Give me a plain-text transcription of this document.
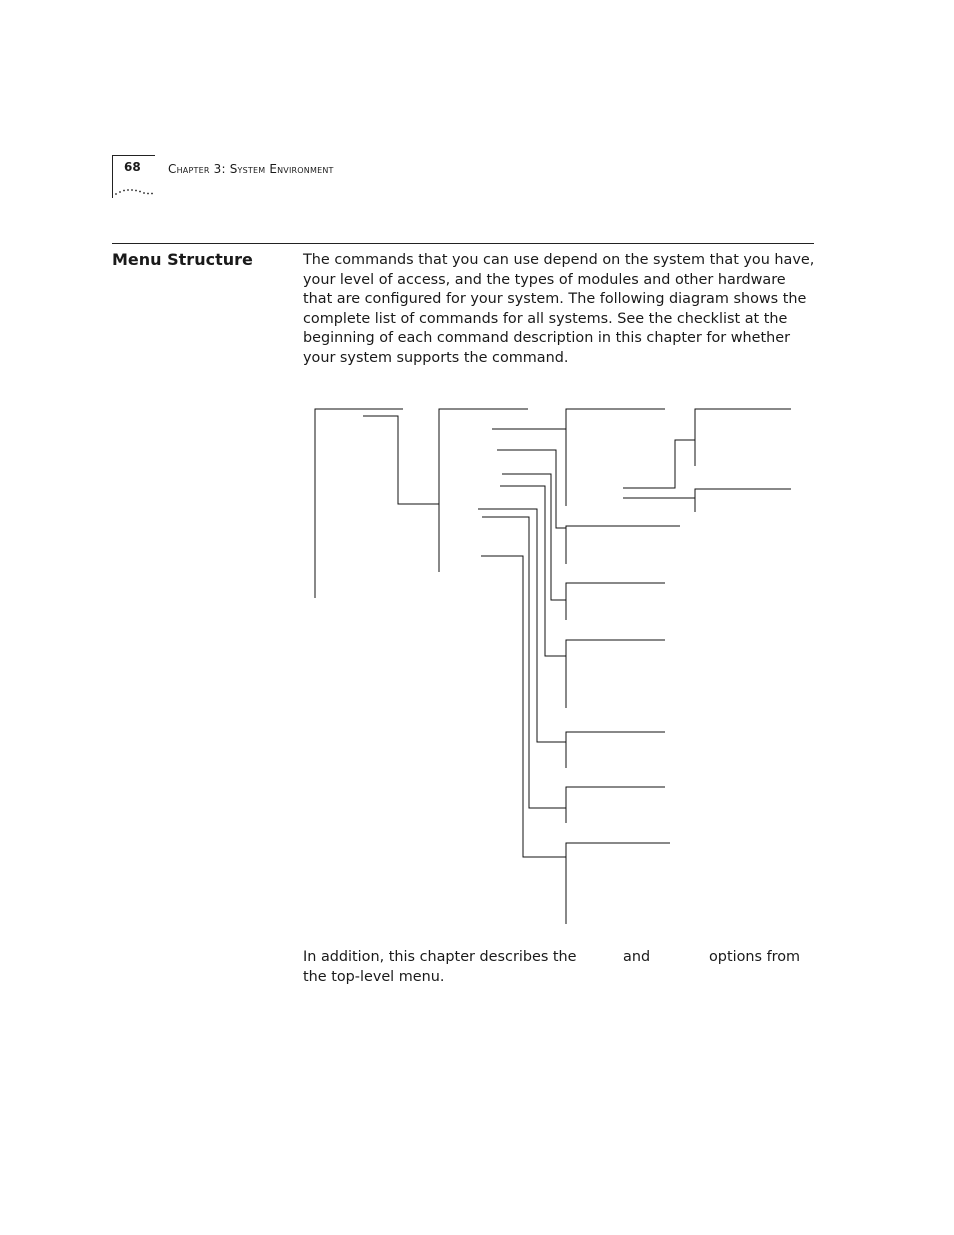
68 Chapter 3: System Environment
Menu Structure	The commands that you can use depend on the system that you have, your level of access, and the types of modules and other hardware that are configured for your system. The following diagram shows the complete list of commands for all systems. See the checklist at the beginning of each command description in this chapter for whether your system supports the command.

In addition, this chapter describes the	and	options from
the top-level menu.
